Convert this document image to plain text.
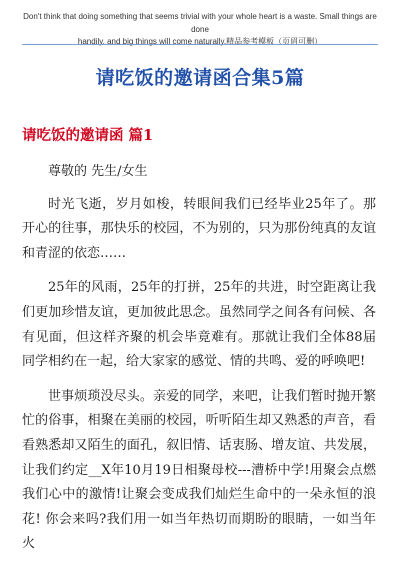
Don't think that doing something that seems trivial with your whole heart is a waste. Small things are done
handily, and big things will come naturally.精品参考模板（页眉可删）
请吃饭的邀请函合集5篇
请吃饭的邀请函 篇1

尊敬的 先生/女生

时光飞逝，岁月如梭，转眼间我们已经毕业25年了。那开心的往事，那快乐的校园，不为别的，只为那份纯真的友谊和青涩的依恋……

25年的风雨，25年的打拼，25年的共进，时空距离让我们更加珍惜友谊，更加彼此思念。虽然同学之间各有问候、各有见面，但这样齐聚的机会毕竟难有。那就让我们全体88届同学相约在一起，给大家家的感觉、情的共鸣、爱的呼唤吧!

世事烦琐没尽头。亲爱的同学，来吧，让我们暂时抛开繁忙的俗事，相聚在美丽的校园，听听陌生却又熟悉的声音，看看熟悉却又陌生的面孔，叙旧情、话衷肠、增友谊、共发展，让我们约定__X年10月19日相聚母校---漕桥中学!用聚会点燃我们心中的激情!让聚会变成我们灿烂生命中的一朵永恒的浪花! 你会来吗?我们用一如当年热切而期盼的眼睛，一如当年火
